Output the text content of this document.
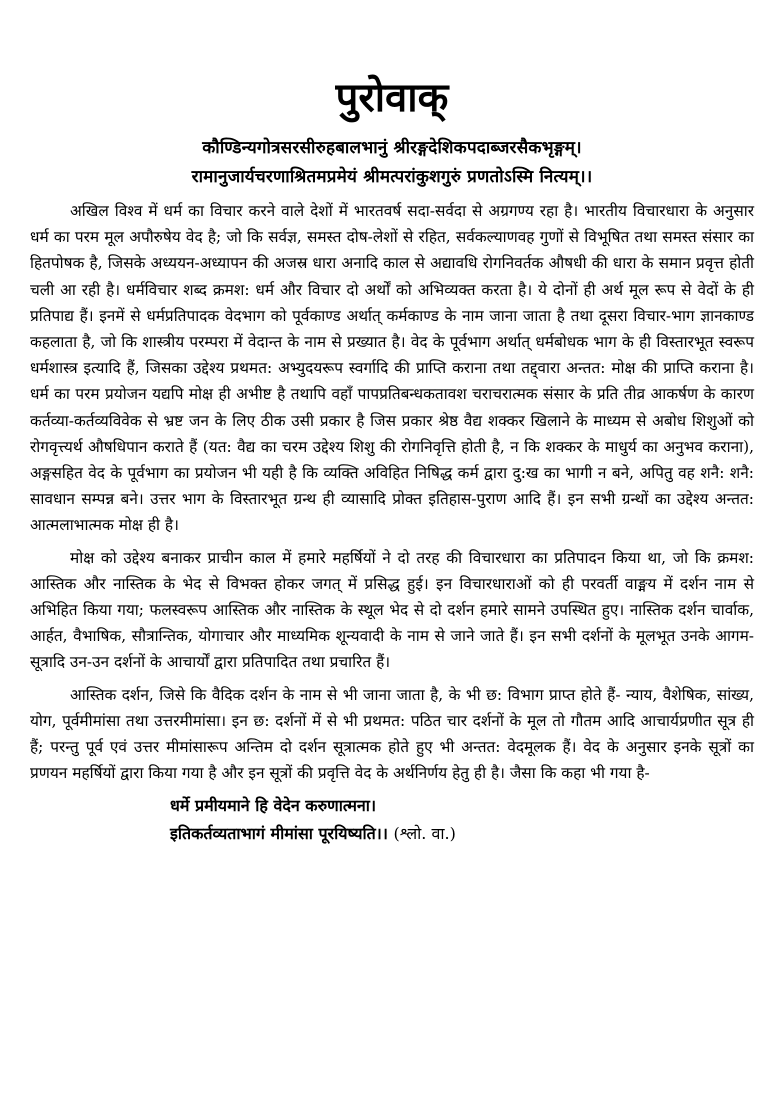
पुरोवाक्
कौण्डिन्यगोत्रसरसीरुहबालभानुं श्रीरङ्गदेशिकपदाब्जरसैकभृङ्गम्।
रामानुजार्यचरणाश्रितमप्रमेयं श्रीमत्परांकुशगुरुं प्रणतोऽस्मि नित्यम्।।

अखिल विश्व में धर्म का विचार करने वाले देशों में भारतवर्ष सदा-सर्वदा से अग्रगण्य रहा है। भारतीय विचारधारा के अनुसार धर्म का परम मूल अपौरुषेय वेद है; जो कि सर्वज्ञ, समस्त दोष-लेशों से रहित, सर्वकल्याणवह गुणों से विभूषित तथा समस्त संसार का हितपोषक है, जिसके अध्ययन-अध्यापन की अजस्र धारा अनादि काल से अद्यावधि रोगनिवर्तक औषधी की धारा के समान प्रवृत्त होती चली आ रही है। धर्मविचार शब्द क्रमश: धर्म और विचार दो अर्थों को अभिव्यक्त करता है। ये दोनों ही अर्थ मूल रूप से वेदों के ही प्रतिपाद्य हैं। इनमें से धर्मप्रतिपादक वेदभाग को पूर्वकाण्ड अर्थात् कर्मकाण्ड के नाम जाना जाता है तथा दूसरा विचार-भाग ज्ञानकाण्ड कहलाता है, जो कि शास्त्रीय परम्परा में वेदान्त के नाम से प्रख्यात है। वेद के पूर्वभाग अर्थात् धर्मबोधक भाग के ही विस्तारभूत स्वरूप धर्मशास्त्र इत्यादि हैं, जिसका उद्देश्य प्रथमत: अभ्युदयरूप स्वर्गादि की प्राप्ति कराना तथा तद्द्वारा अन्तत: मोक्ष की प्राप्ति कराना है। धर्म का परम प्रयोजन यद्यपि मोक्ष ही अभीष्ट है तथापि वहाँ पापप्रतिबन्धकतावश चराचरात्मक संसार के प्रति तीव्र आकर्षण के कारण कर्तव्या-कर्तव्यविवेक से भ्रष्ट जन के लिए ठीक उसी प्रकार है जिस प्रकार श्रेष्ठ वैद्य शक्कर खिलाने के माध्यम से अबोध शिशुओं को रोगवृत्त्यर्थ औषधिपान कराते हैं (यत: वैद्य का चरम उद्देश्य शिशु की रोगनिवृत्ति होती है, न कि शक्कर के माधुर्य का अनुभव कराना), अङ्गसहित वेद के पूर्वभाग का प्रयोजन भी यही है कि व्यक्ति अविहित निषिद्ध कर्म द्वारा दु:ख का भागी न बने, अपितु वह शनै: शनै: सावधान सम्पन्न बने। उत्तर भाग के विस्तारभूत ग्रन्थ ही व्यासादि प्रोक्त इतिहास-पुराण आदि हैं। इन सभी ग्रन्थों का उद्देश्य अन्तत: आत्मलाभात्मक मोक्ष ही है।

मोक्ष को उद्देश्य बनाकर प्राचीन काल में हमारे महर्षियों ने दो तरह की विचारधारा का प्रतिपादन किया था, जो कि क्रमश: आस्तिक और नास्तिक के भेद से विभक्त होकर जगत् में प्रसिद्ध हुई। इन विचारधाराओं को ही परवर्ती वाङ्मय में दर्शन नाम से अभिहित किया गया; फलस्वरूप आस्तिक और नास्तिक के स्थूल भेद से दो दर्शन हमारे सामने उपस्थित हुए। नास्तिक दर्शन चार्वाक, आर्हत, वैभाषिक, सौत्रान्तिक, योगाचार और माध्यमिक शून्यवादी के नाम से जाने जाते हैं। इन सभी दर्शनों के मूलभूत उनके आगम-सूत्रादि उन-उन दर्शनों के आचार्यों द्वारा प्रतिपादित तथा प्रचारित हैं।

आस्तिक दर्शन, जिसे कि वैदिक दर्शन के नाम से भी जाना जाता है, के भी छ: विभाग प्राप्त होते हैं- न्याय, वैशेषिक, सांख्य, योग, पूर्वमीमांसा तथा उत्तरमीमांसा। इन छ: दर्शनों में से भी प्रथमत: पठित चार दर्शनों के मूल तो गौतम आदि आचार्यप्रणीत सूत्र ही हैं; परन्तु पूर्व एवं उत्तर मीमांसारूप अन्तिम दो दर्शन सूत्रात्मक होते हुए भी अन्तत: वेदमूलक हैं। वेद के अनुसार इनके सूत्रों का प्रणयन महर्षियों द्वारा किया गया है और इन सूत्रों की प्रवृत्ति वेद के अर्थनिर्णय हेतु ही है। जैसा कि कहा भी गया है-

धर्मे प्रमीयमाने हि वेदेन करुणात्मना।
इतिकर्तव्यताभागं मीमांसा पूरयिष्यति।। (श्लो. वा.)
